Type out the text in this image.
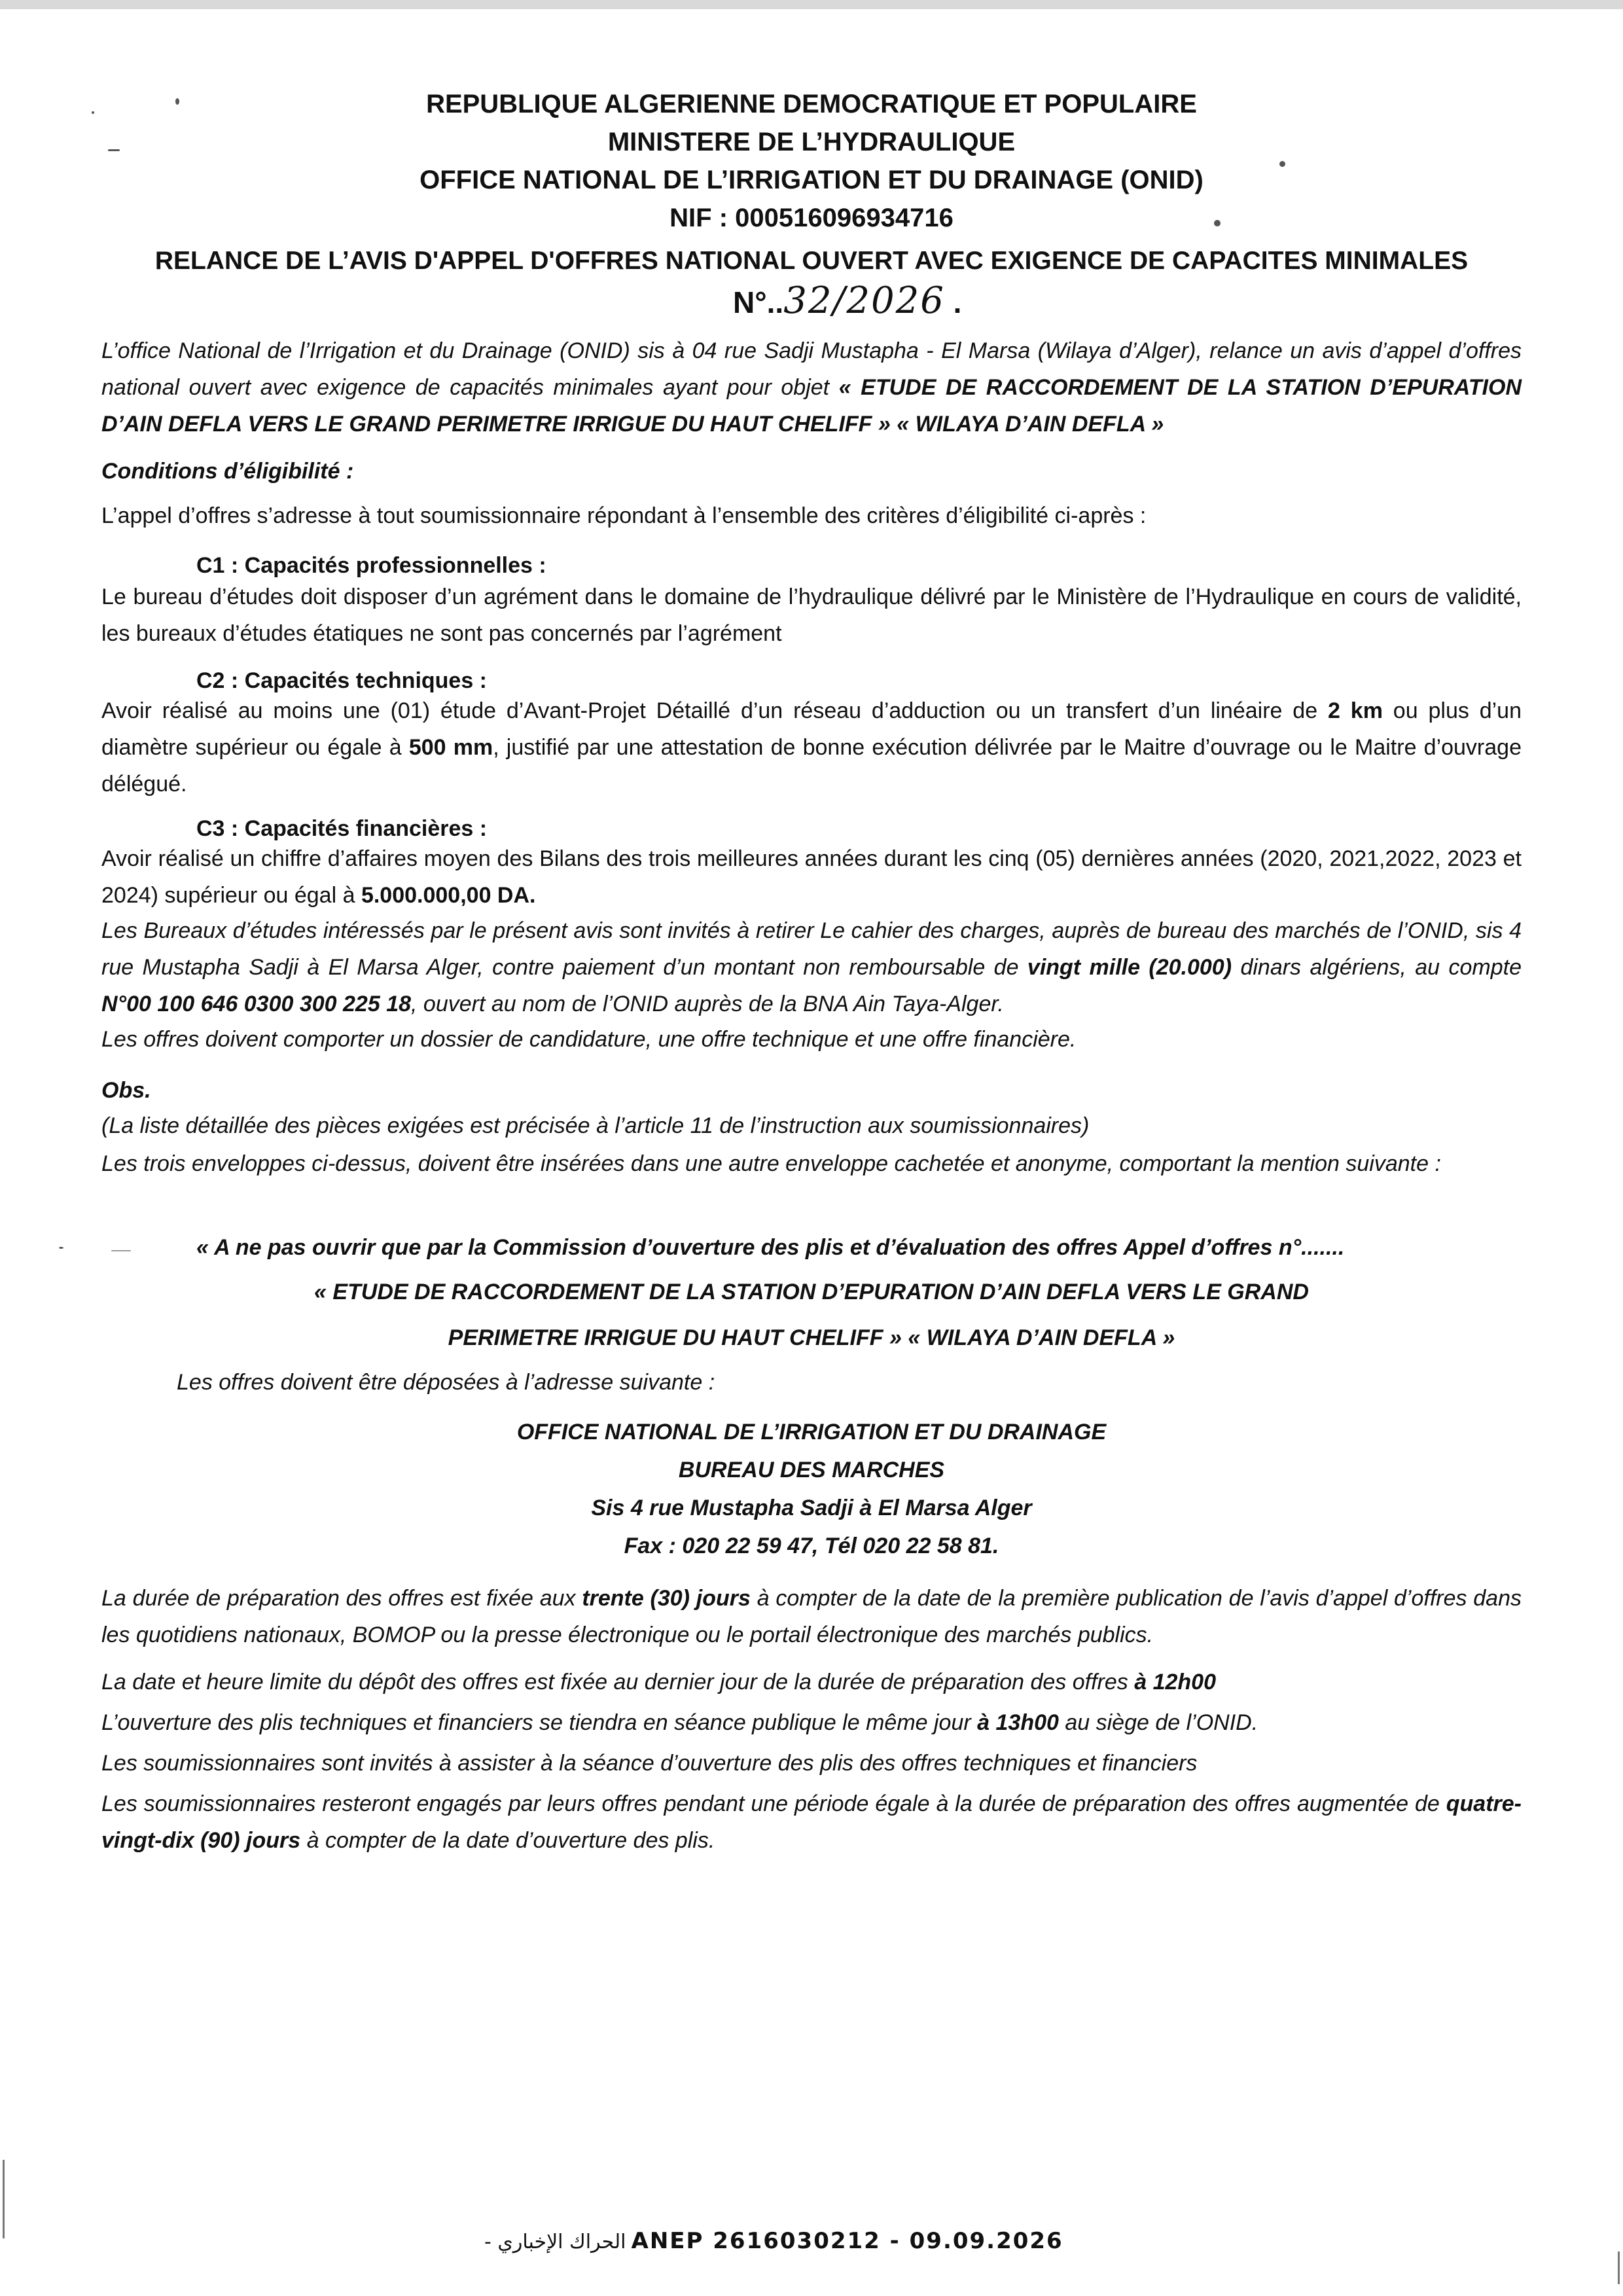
REPUBLIQUE ALGERIENNE DEMOCRATIQUE ET POPULAIRE
MINISTERE DE L’HYDRAULIQUE
OFFICE NATIONAL DE L’IRRIGATION ET DU DRAINAGE (ONID)
NIF : 000516096934716
RELANCE DE L’AVIS D'APPEL D'OFFRES NATIONAL OUVERT AVEC EXIGENCE DE CAPACITES MINIMALES
N°..32/2026 .
L’office National de l’Irrigation et du Drainage (ONID) sis à 04 rue Sadji Mustapha - El Marsa (Wilaya d’Alger), relance un avis d’appel d’offres national ouvert avec exigence de capacités minimales ayant pour objet « ETUDE DE RACCORDEMENT DE LA STATION D’EPURATION D’AIN DEFLA VERS LE GRAND PERIMETRE IRRIGUE DU HAUT CHELIFF » « WILAYA D’AIN DEFLA »
Conditions d’éligibilité :
L’appel d’offres s’adresse à tout soumissionnaire répondant à l’ensemble des critères d’éligibilité ci-après :
C1 : Capacités professionnelles :
Le bureau d’études doit disposer d’un agrément dans le domaine de l’hydraulique délivré par le Ministère de l’Hydraulique en cours de validité, les bureaux d’études étatiques ne sont pas concernés par l’agrément
C2 : Capacités techniques :
Avoir réalisé au moins une (01) étude d’Avant-Projet Détaillé d’un réseau d’adduction ou un transfert d’un linéaire de 2 km ou plus d’un diamètre supérieur ou égale à 500 mm, justifié par une attestation de bonne exécution délivrée par le Maitre d’ouvrage ou le Maitre d’ouvrage délégué.
C3 : Capacités financières :
Avoir réalisé un chiffre d’affaires moyen des Bilans des trois meilleures années durant les cinq (05) dernières années (2020, 2021,2022, 2023 et 2024) supérieur ou égal à 5.000.000,00 DA.
Les Bureaux d’études intéressés par le présent avis sont invités à retirer Le cahier des charges, auprès de bureau des marchés de l’ONID, sis 4 rue Mustapha Sadji à El Marsa Alger, contre paiement d’un montant non remboursable de vingt mille (20.000) dinars algériens, au compte N°00 100 646 0300 300 225 18, ouvert au nom de l’ONID auprès de la BNA Ain Taya-Alger.
Les offres doivent comporter un dossier de candidature, une offre technique et une offre financière.
Obs.
(La liste détaillée des pièces exigées est précisée à l’article 11 de l’instruction aux soumissionnaires)
Les trois enveloppes ci-dessus, doivent être insérées dans une autre enveloppe cachetée et anonyme, comportant la mention suivante :
« A ne pas ouvrir que par la Commission d’ouverture des plis et d’évaluation des offres Appel d’offres n°.......
« ETUDE DE RACCORDEMENT DE LA STATION D’EPURATION D’AIN DEFLA VERS LE GRAND
PERIMETRE IRRIGUE DU HAUT CHELIFF » « WILAYA D’AIN DEFLA »
Les offres doivent être déposées à l’adresse suivante :
OFFICE NATIONAL DE L’IRRIGATION ET DU DRAINAGE
BUREAU DES MARCHES
Sis 4 rue Mustapha Sadji à El Marsa Alger
Fax : 020 22 59 47, Tél 020 22 58 81.
La durée de préparation des offres est fixée aux trente (30) jours à compter de la date de la première publication de l’avis d’appel d’offres dans les quotidiens nationaux, BOMOP ou la presse électronique ou le portail électronique des marchés publics.
La date et heure limite du dépôt des offres est fixée au dernier jour de la durée de préparation des offres à 12h00
L’ouverture des plis techniques et financiers se tiendra en séance publique le même jour à 13h00 au siège de l’ONID.
Les soumissionnaires sont invités à assister à la séance d’ouverture des plis des offres techniques et financiers
Les soumissionnaires resteront engagés par leurs offres pendant une période égale à la durée de préparation des offres augmentée de quatre-vingt-dix (90) jours à compter de la date d’ouverture des plis.
الحراك الإخباري - ANEP 2616030212 - 09.09.2026
